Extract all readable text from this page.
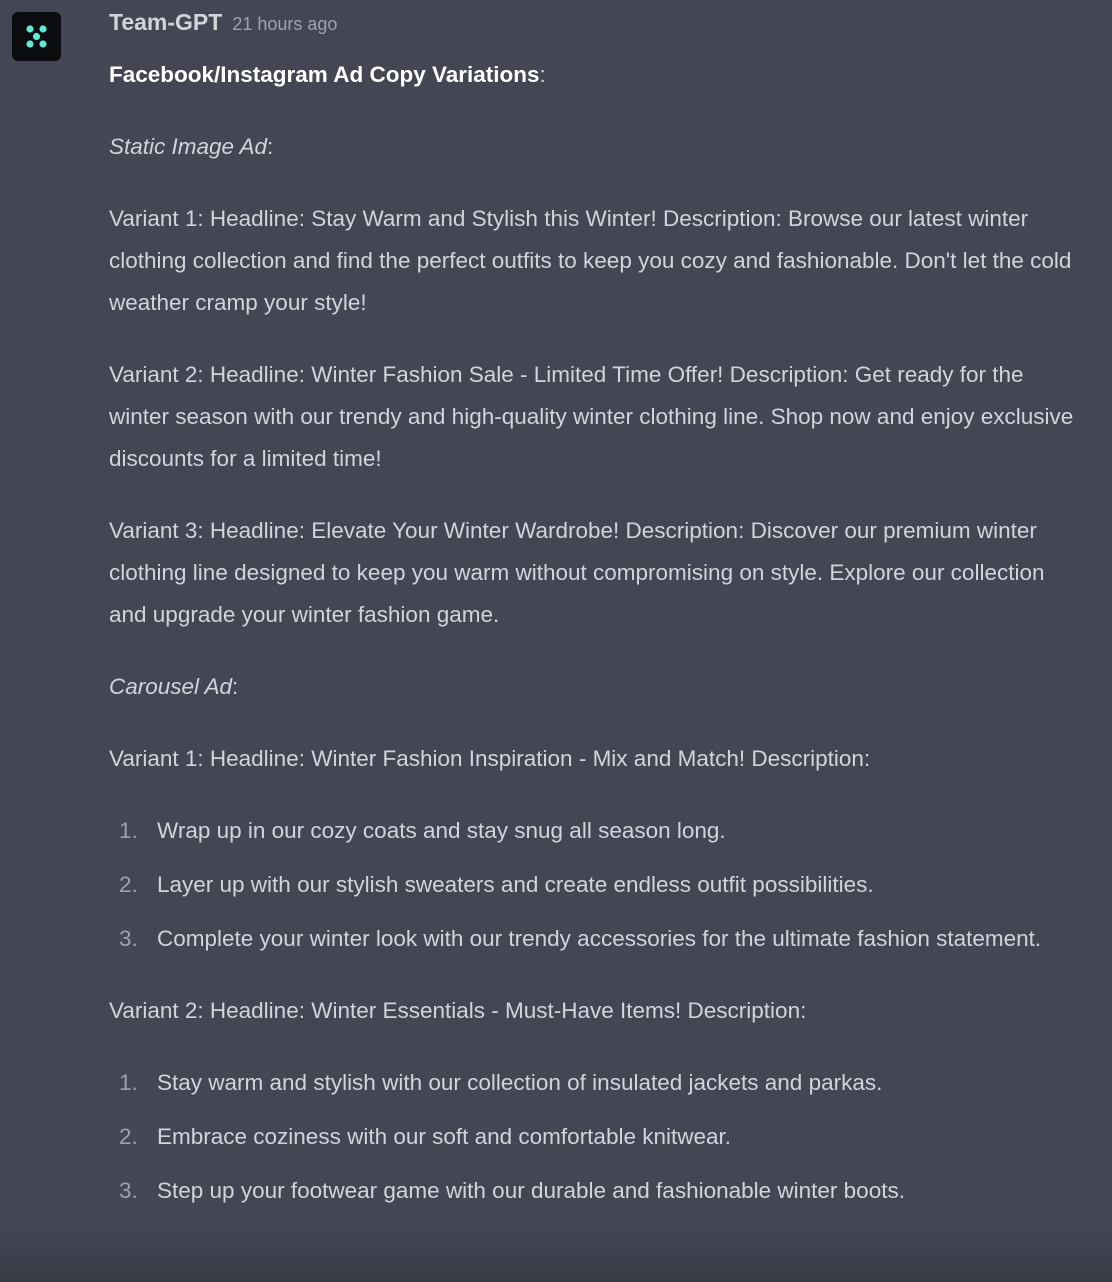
Team-GPT 21 hours ago

Facebook/Instagram Ad Copy Variations:

Static Image Ad:

Variant 1: Headline: Stay Warm and Stylish this Winter! Description: Browse our latest winter clothing collection and find the perfect outfits to keep you cozy and fashionable. Don't let the cold weather cramp your style!

Variant 2: Headline: Winter Fashion Sale - Limited Time Offer! Description: Get ready for the winter season with our trendy and high-quality winter clothing line. Shop now and enjoy exclusive discounts for a limited time!

Variant 3: Headline: Elevate Your Winter Wardrobe! Description: Discover our premium winter clothing line designed to keep you warm without compromising on style. Explore our collection and upgrade your winter fashion game.

Carousel Ad:

Variant 1: Headline: Winter Fashion Inspiration - Mix and Match! Description:

1. Wrap up in our cozy coats and stay snug all season long.
2. Layer up with our stylish sweaters and create endless outfit possibilities.
3. Complete your winter look with our trendy accessories for the ultimate fashion statement.

Variant 2: Headline: Winter Essentials - Must-Have Items! Description:

1. Stay warm and stylish with our collection of insulated jackets and parkas.
2. Embrace coziness with our soft and comfortable knitwear.
3. Step up your footwear game with our durable and fashionable winter boots.
